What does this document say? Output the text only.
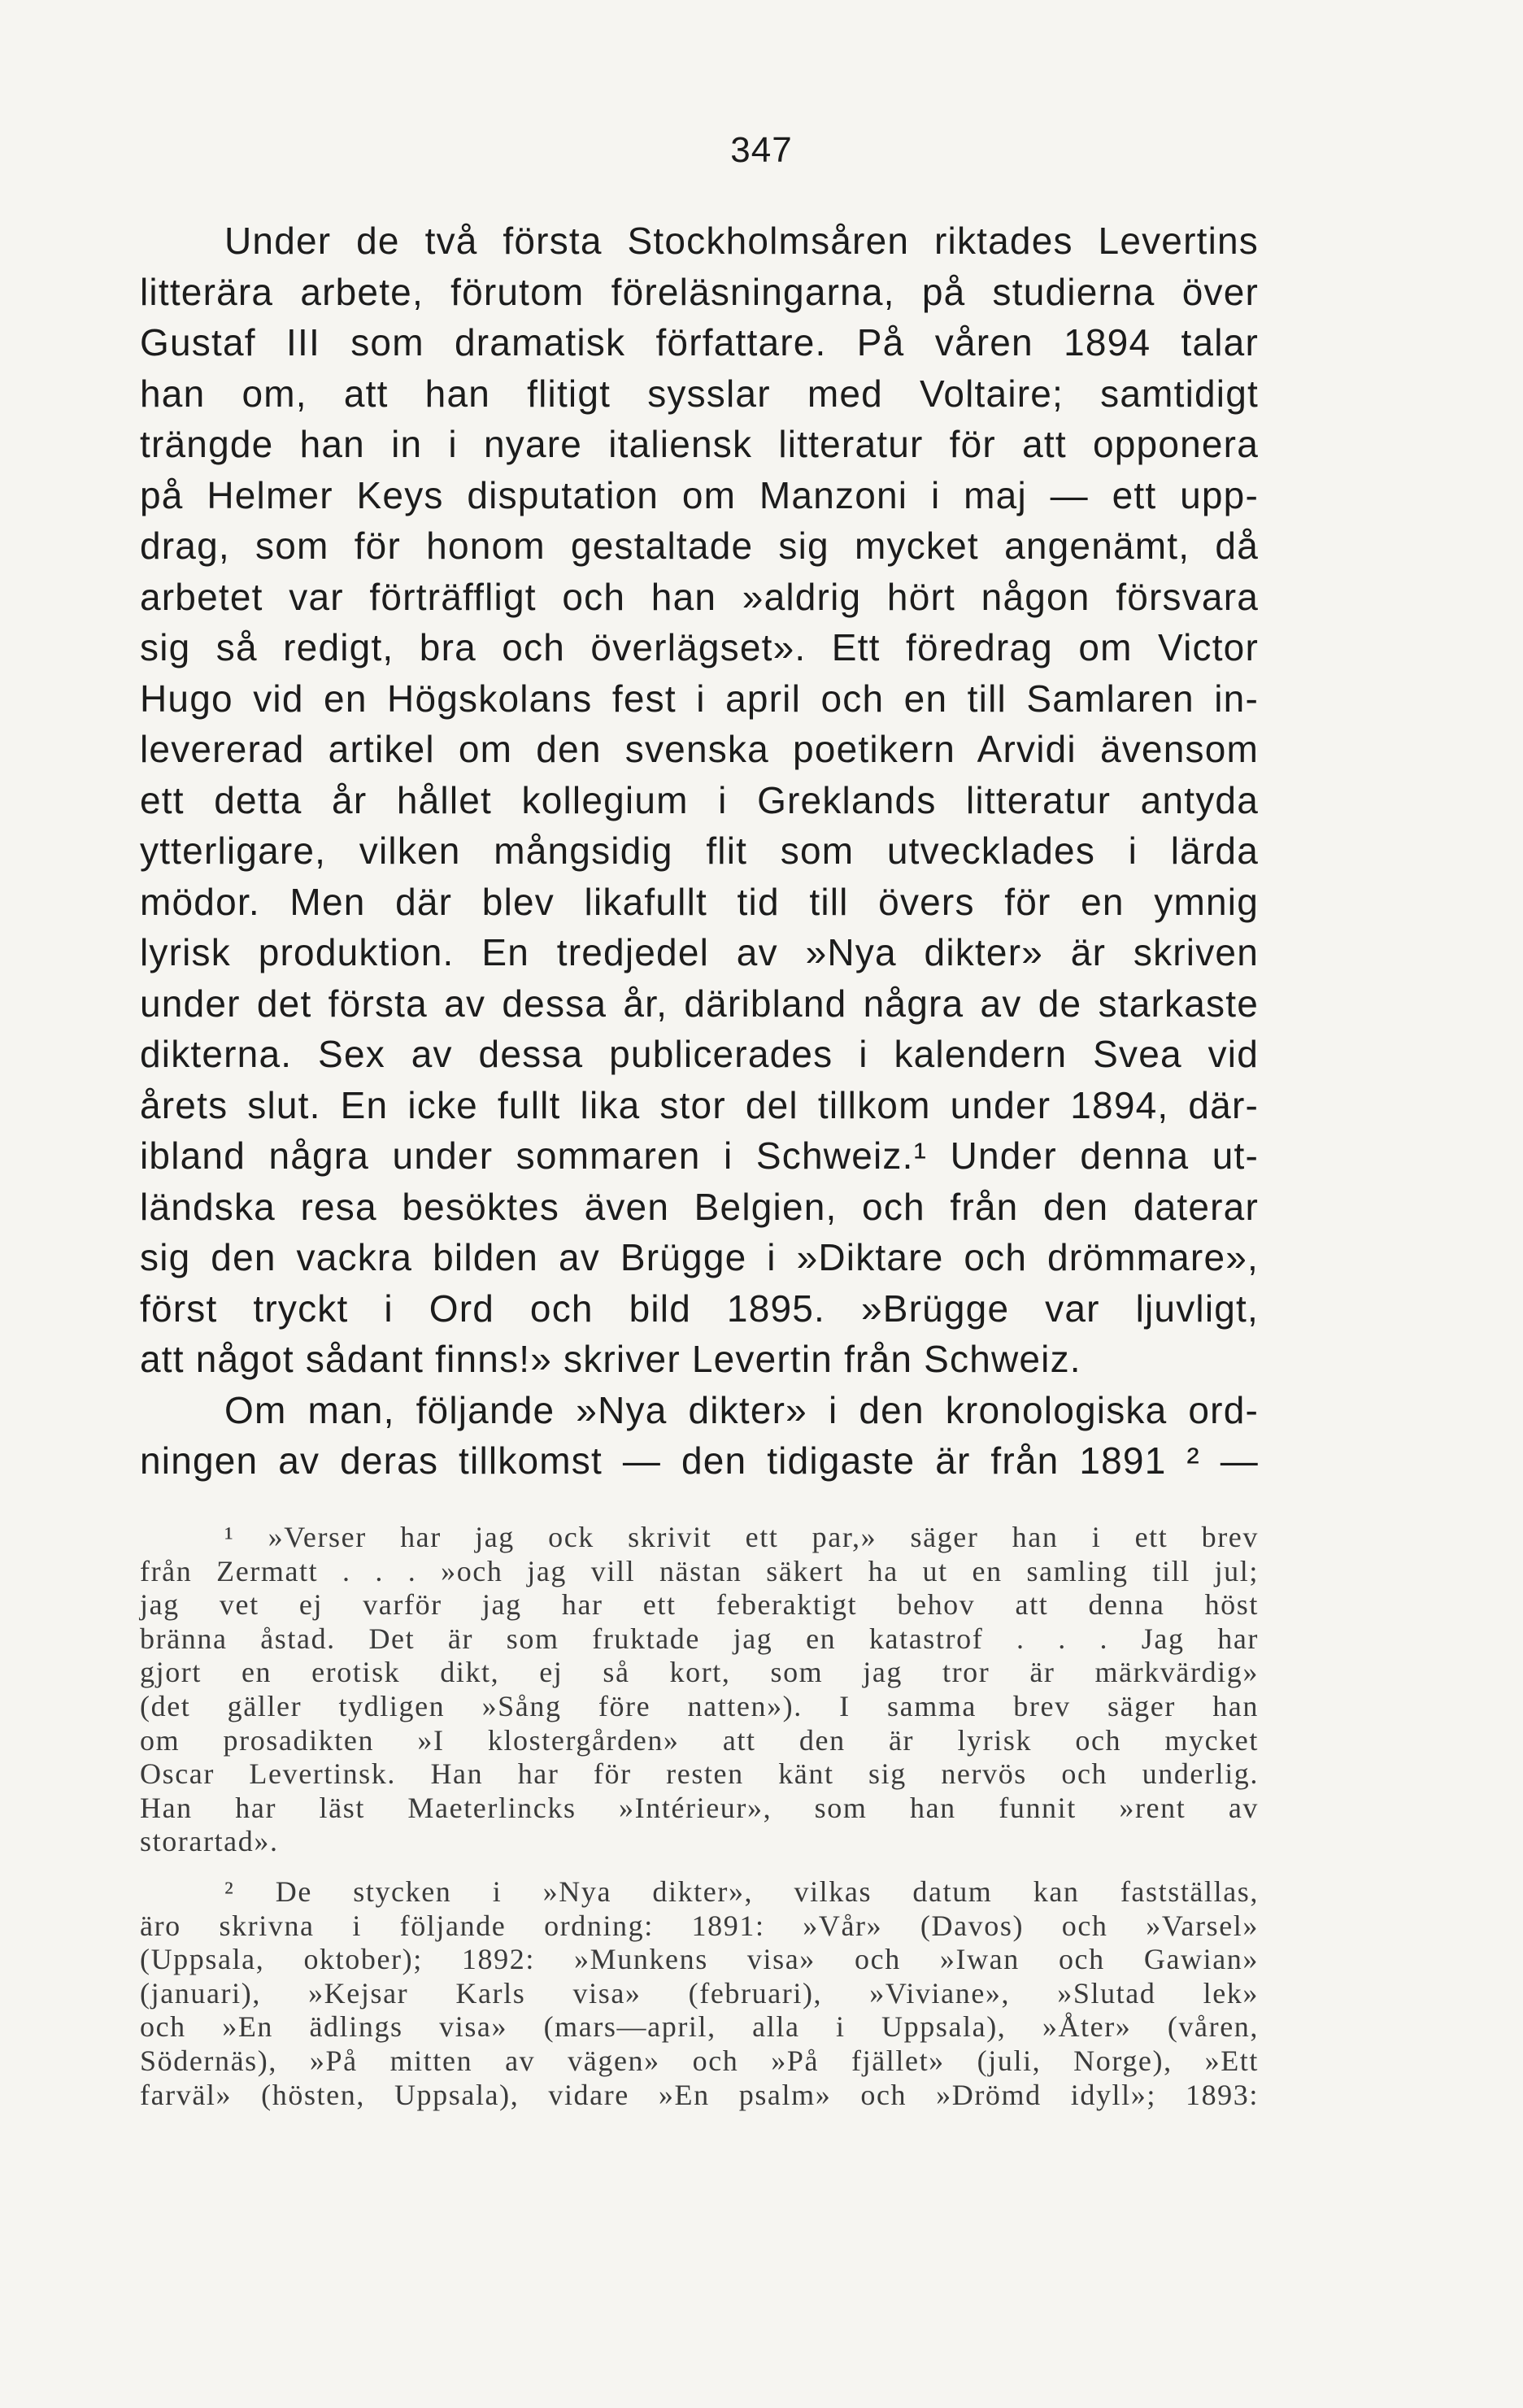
347
Under de två första Stockholmsåren riktades Levertins
litterära arbete, förutom föreläsningarna, på studierna över
Gustaf III som dramatisk författare. På våren 1894 talar
han om, att han flitigt sysslar med Voltaire; samtidigt
trängde han in i nyare italiensk litteratur för att opponera
på Helmer Keys disputation om Manzoni i maj — ett upp-
drag, som för honom gestaltade sig mycket angenämt, då
arbetet var förträffligt och han »aldrig hört någon försvara
sig så redigt, bra och överlägset». Ett föredrag om Victor
Hugo vid en Högskolans fest i april och en till Samlaren in-
levererad artikel om den svenska poetikern Arvidi ävensom
ett detta år hållet kollegium i Greklands litteratur antyda
ytterligare, vilken mångsidig flit som utvecklades i lärda
mödor. Men där blev likafullt tid till övers för en ymnig
lyrisk produktion. En tredjedel av »Nya dikter» är skriven
under det första av dessa år, däribland några av de starkaste
dikterna. Sex av dessa publicerades i kalendern Svea vid
årets slut. En icke fullt lika stor del tillkom under 1894, där-
ibland några under sommaren i Schweiz.¹ Under denna ut-
ländska resa besöktes även Belgien, och från den daterar
sig den vackra bilden av Brügge i »Diktare och drömmare»,
först tryckt i Ord och bild 1895. »Brügge var ljuvligt,
att något sådant finns!» skriver Levertin från Schweiz.
Om man, följande »Nya dikter» i den kronologiska ord-
ningen av deras tillkomst — den tidigaste är från 1891 ² —
¹ »Verser har jag ock skrivit ett par,» säger han i ett brev
från Zermatt . . . »och jag vill nästan säkert ha ut en samling till jul;
jag vet ej varför jag har ett feberaktigt behov att denna höst
bränna åstad. Det är som fruktade jag en katastrof . . . Jag har
gjort en erotisk dikt, ej så kort, som jag tror är märkvärdig»
(det gäller tydligen »Sång före natten»). I samma brev säger han
om prosadikten »I klostergården» att den är lyrisk och mycket
Oscar Levertinsk. Han har för resten känt sig nervös och underlig.
Han har läst Maeterlincks »Intérieur», som han funnit »rent av
storartad».
² De stycken i »Nya dikter», vilkas datum kan fastställas,
äro skrivna i följande ordning: 1891: »Vår» (Davos) och »Varsel»
(Uppsala, oktober); 1892: »Munkens visa» och »Iwan och Gawian»
(januari), »Kejsar Karls visa» (februari), »Viviane», »Slutad lek»
och »En ädlings visa» (mars—april, alla i Uppsala), »Åter» (våren,
Södernäs), »På mitten av vägen» och »På fjället» (juli, Norge), »Ett
farväl» (hösten, Uppsala), vidare »En psalm» och »Drömd idyll»; 1893:
